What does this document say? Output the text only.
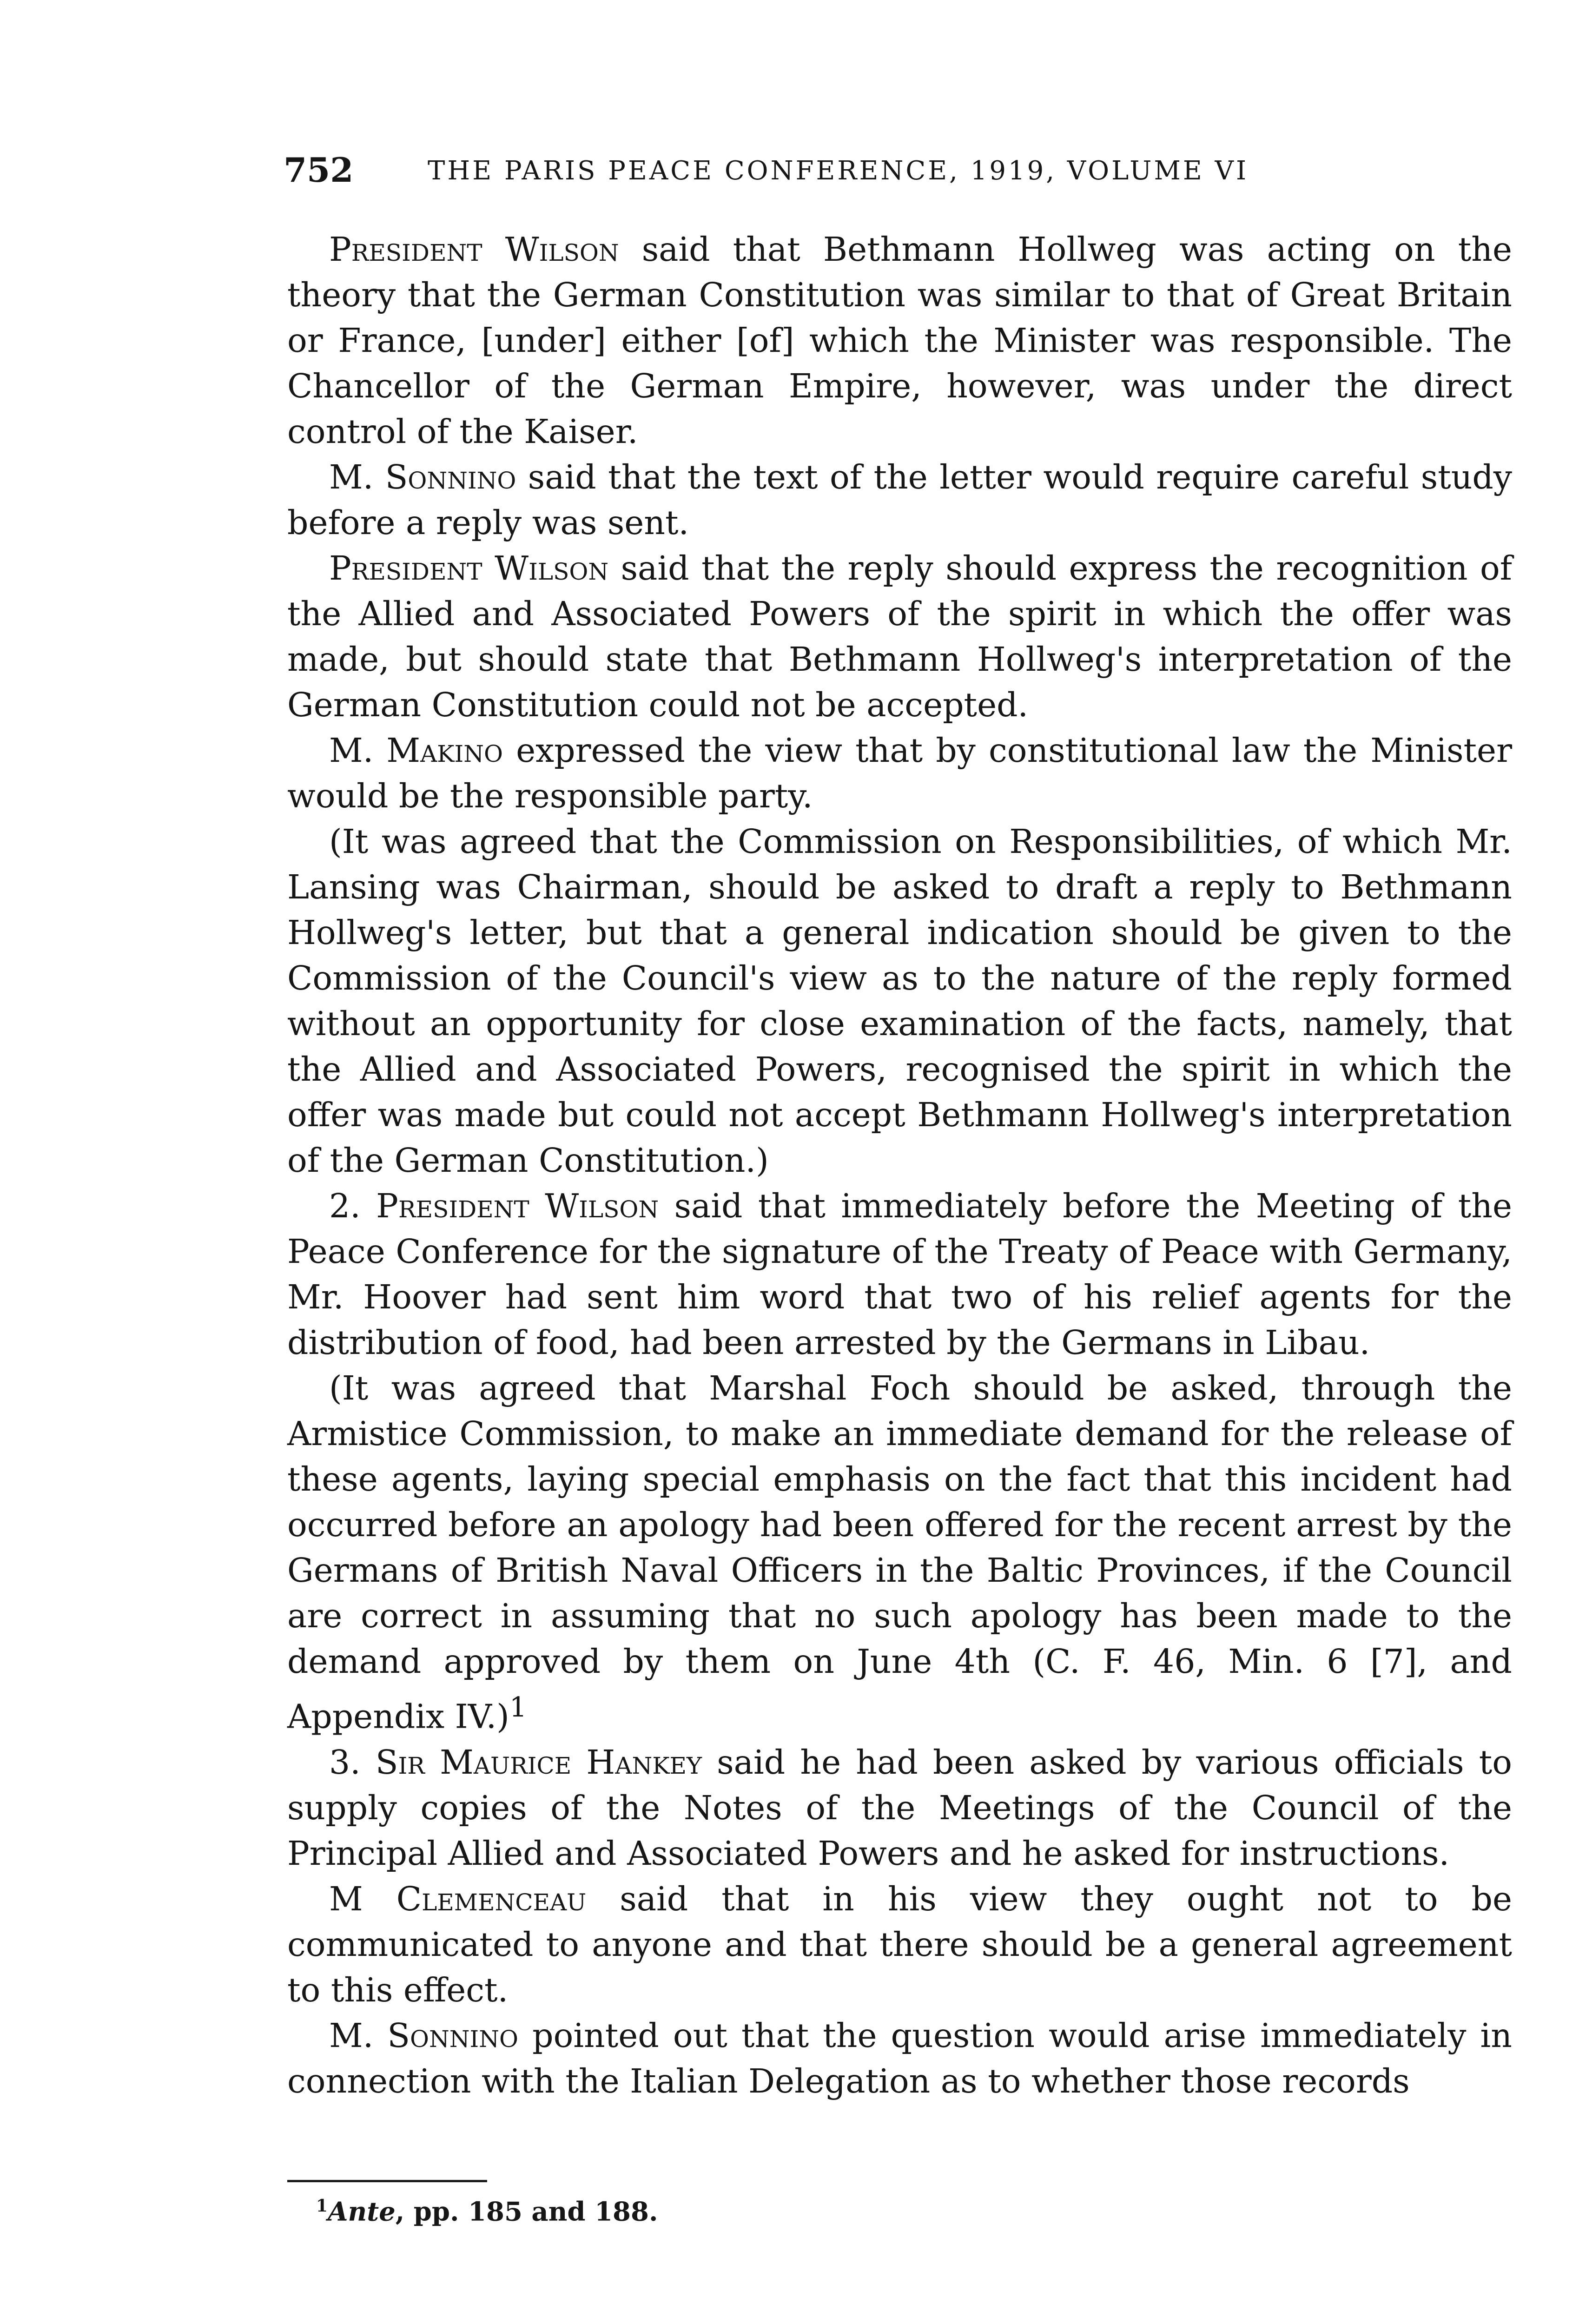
752	THE PARIS PEACE CONFERENCE, 1919, VOLUME VI

President Wilson said that Bethmann Hollweg was acting on the theory that the German Constitution was similar to that of Great Britain or France, [under] either [of] which the Minister was responsible. The Chancellor of the German Empire, however, was under the direct control of the Kaiser.

M. Sonnino said that the text of the letter would require careful study before a reply was sent.

President Wilson said that the reply should express the recognition of the Allied and Associated Powers of the spirit in which the offer was made, but should state that Bethmann Hollweg's interpretation of the German Constitution could not be accepted.

M. Makino expressed the view that by constitutional law the Minister would be the responsible party.

(It was agreed that the Commission on Responsibilities, of which Mr. Lansing was Chairman, should be asked to draft a reply to Bethmann Hollweg's letter, but that a general indication should be given to the Commission of the Council's view as to the nature of the reply formed without an opportunity for close examination of the facts, namely, that the Allied and Associated Powers, recognised the spirit in which the offer was made but could not accept Bethmann Hollweg's interpretation of the German Constitution.)

2. President Wilson said that immediately before the Meeting of the Peace Conference for the signature of the Treaty of Peace with Germany, Mr. Hoover had sent him word that two of his relief agents for the distribution of food, had been arrested by the Germans in Libau.

(It was agreed that Marshal Foch should be asked, through the Armistice Commission, to make an immediate demand for the release of these agents, laying special emphasis on the fact that this incident had occurred before an apology had been offered for the recent arrest by the Germans of British Naval Officers in the Baltic Provinces, if the Council are correct in assuming that no such apology has been made to the demand approved by them on June 4th (C. F. 46, Min. 6 [7], and Appendix IV.)$^1$

3. Sir Maurice Hankey said he had been asked by various officials to supply copies of the Notes of the Meetings of the Council of the Principal Allied and Associated Powers and he asked for instructions.

M Clemenceau said that in his view they ought not to be communicated to anyone and that there should be a general agreement to this effect.

M. Sonnino pointed out that the question would arise immediately in connection with the Italian Delegation as to whether those records

$^1$Ante, pp. 185 and 188.
